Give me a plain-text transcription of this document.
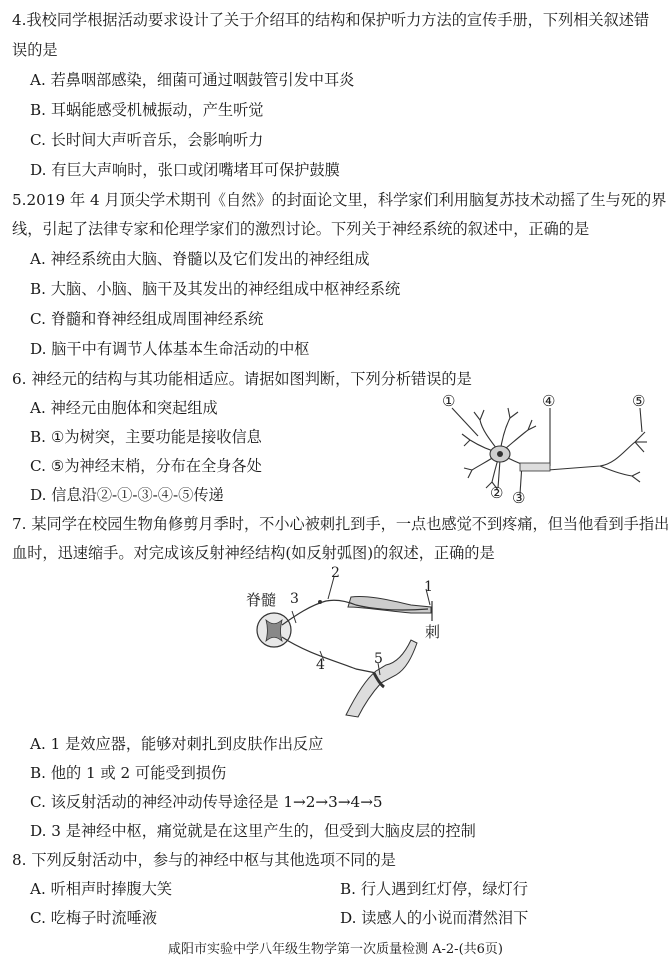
4.我校同学根据活动要求设计了关于介绍耳的结构和保护听力方法的宣传手册，下列相关叙述错
误的是
A. 若鼻咽部感染，细菌可通过咽鼓管引发中耳炎
B. 耳蜗能感受机械振动，产生听觉
C. 长时间大声听音乐，会影响听力
D. 有巨大声响时，张口或闭嘴堵耳可保护鼓膜
5.2019 年 4 月顶尖学术期刊《自然》的封面论文里，科学家们利用脑复苏技术动摇了生与死的界
线，引起了法律专家和伦理学家们的激烈讨论。下列关于神经系统的叙述中，正确的是
A. 神经系统由大脑、脊髓以及它们发出的神经组成
B. 大脑、小脑、脑干及其发出的神经组成中枢神经系统
C. 脊髓和脊神经组成周围神经系统
D. 脑干中有调节人体基本生命活动的中枢
6. 神经元的结构与其功能相适应。请据如图判断，下列分析错误的是
A. 神经元由胞体和突起组成
B. ①为树突，主要功能是接收信息
C. ⑤为神经末梢，分布在全身各处
D. 信息沿②-①-③-④-⑤传递
①	④	⑤
② ③
7. 某同学在校园生物角修剪月季时，不小心被刺扎到手，一点也感觉不到疼痛，但当他看到手指出
血时，迅速缩手。对完成该反射神经结构(如反射弧图)的叙述，正确的是
脊髓 3
2
1
刺
4	5
A. 1 是效应器，能够对刺扎到皮肤作出反应
B. 他的 1 或 2 可能受到损伤
C. 该反射活动的神经冲动传导途径是 1→2→3→4→5
D. 3 是神经中枢，痛觉就是在这里产生的，但受到大脑皮层的控制
8. 下列反射活动中，参与的神经中枢与其他选项不同的是
A. 听相声时捧腹大笑	B. 行人遇到红灯停，绿灯行
C. 吃梅子时流唾液	D. 读感人的小说而潸然泪下
咸阳市实验中学八年级生物学第一次质量检测 A-2-(共6页)
